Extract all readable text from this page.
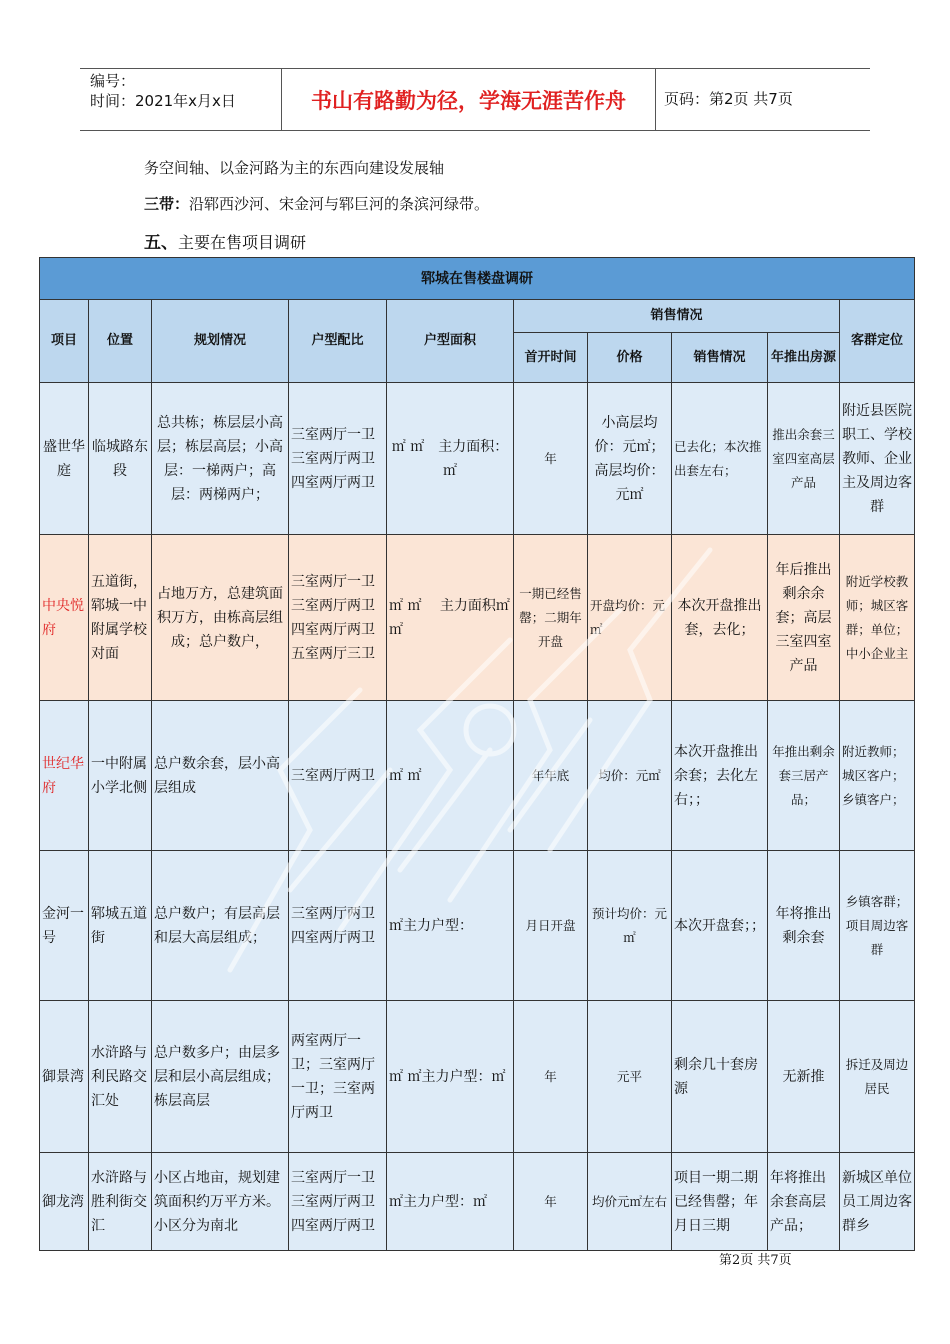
编号：
时间：2021年x月x日	书山有路勤为径，学海无涯苦作舟	页码：第2页 共7页
务空间轴、以金河路为主的东西向建设发展轴
三带：沿郓西沙河、宋金河与郓巨河的条滨河绿带。
五、主要在售项目调研
郓城在售楼盘调研									
项目	位置	规划情况	户型配比	户型面积	销售情况				客群定位
					首开时间	价格	销售情况	年推出房源	
盛世华庭	临城路东段	总共栋；栋层层小高层；栋层高层；小高层：一梯两户；高层：两梯两户；	三室两厅一卫三室两厅两卫四室两厅两卫	㎡ ㎡　主力面积：㎡	年	小高层均价：元㎡；高层均价：元㎡	已去化；本次推出套左右；	推出余套三室四室高层产品	附近县医院职工、学校教师、企业主及周边客群
中央悦府	五道街，郓城一中附属学校对面	占地万方，总建筑面积万方，由栋高层组成；总户数户，	三室两厅一卫三室两厅两卫四室两厅两卫五室两厅三卫	㎡ ㎡　 主力面积㎡ ㎡	一期已经售罄；二期年开盘	开盘均价：元㎡	本次开盘推出套，去化；	年后推出剩余余套；高层三室四室产品	附近学校教师；城区客群；单位；中小企业主
世纪华府	一中附属小学北侧	总户数余套，层小高层组成	三室两厅两卫	㎡ ㎡	年年底	均价：元㎡	本次开盘推出余套；去化左右；；	年推出剩余套三居产品；	附近教师；城区客户；乡镇客户；
金河一号	郓城五道街	总户数户；有层高层和层大高层组成；	三室两厅两卫四室两厅两卫	㎡主力户型：	月日开盘	预计均价：元㎡	本次开盘套；；	年将推出剩余套	乡镇客群；项目周边客群
御景湾	水浒路与利民路交汇处	总户数多户；由层多层和层小高层组成；栋层高层	两室两厅一卫；三室两厅一卫；三室两厅两卫	㎡ ㎡主力户型：㎡	年	元平	剩余几十套房源	无新推	拆迁及周边居民
御龙湾	水浒路与胜利街交汇	小区占地亩，规划建筑面积约万平方米。小区分为南北	三室两厅一卫三室两厅两卫四室两厅两卫	㎡主力户型：㎡	年	均价元㎡左右	项目一期二期已经售罄；年月日三期	年将推出余套高层产品；	新城区单位员工周边客群乡
第2页 共7页
